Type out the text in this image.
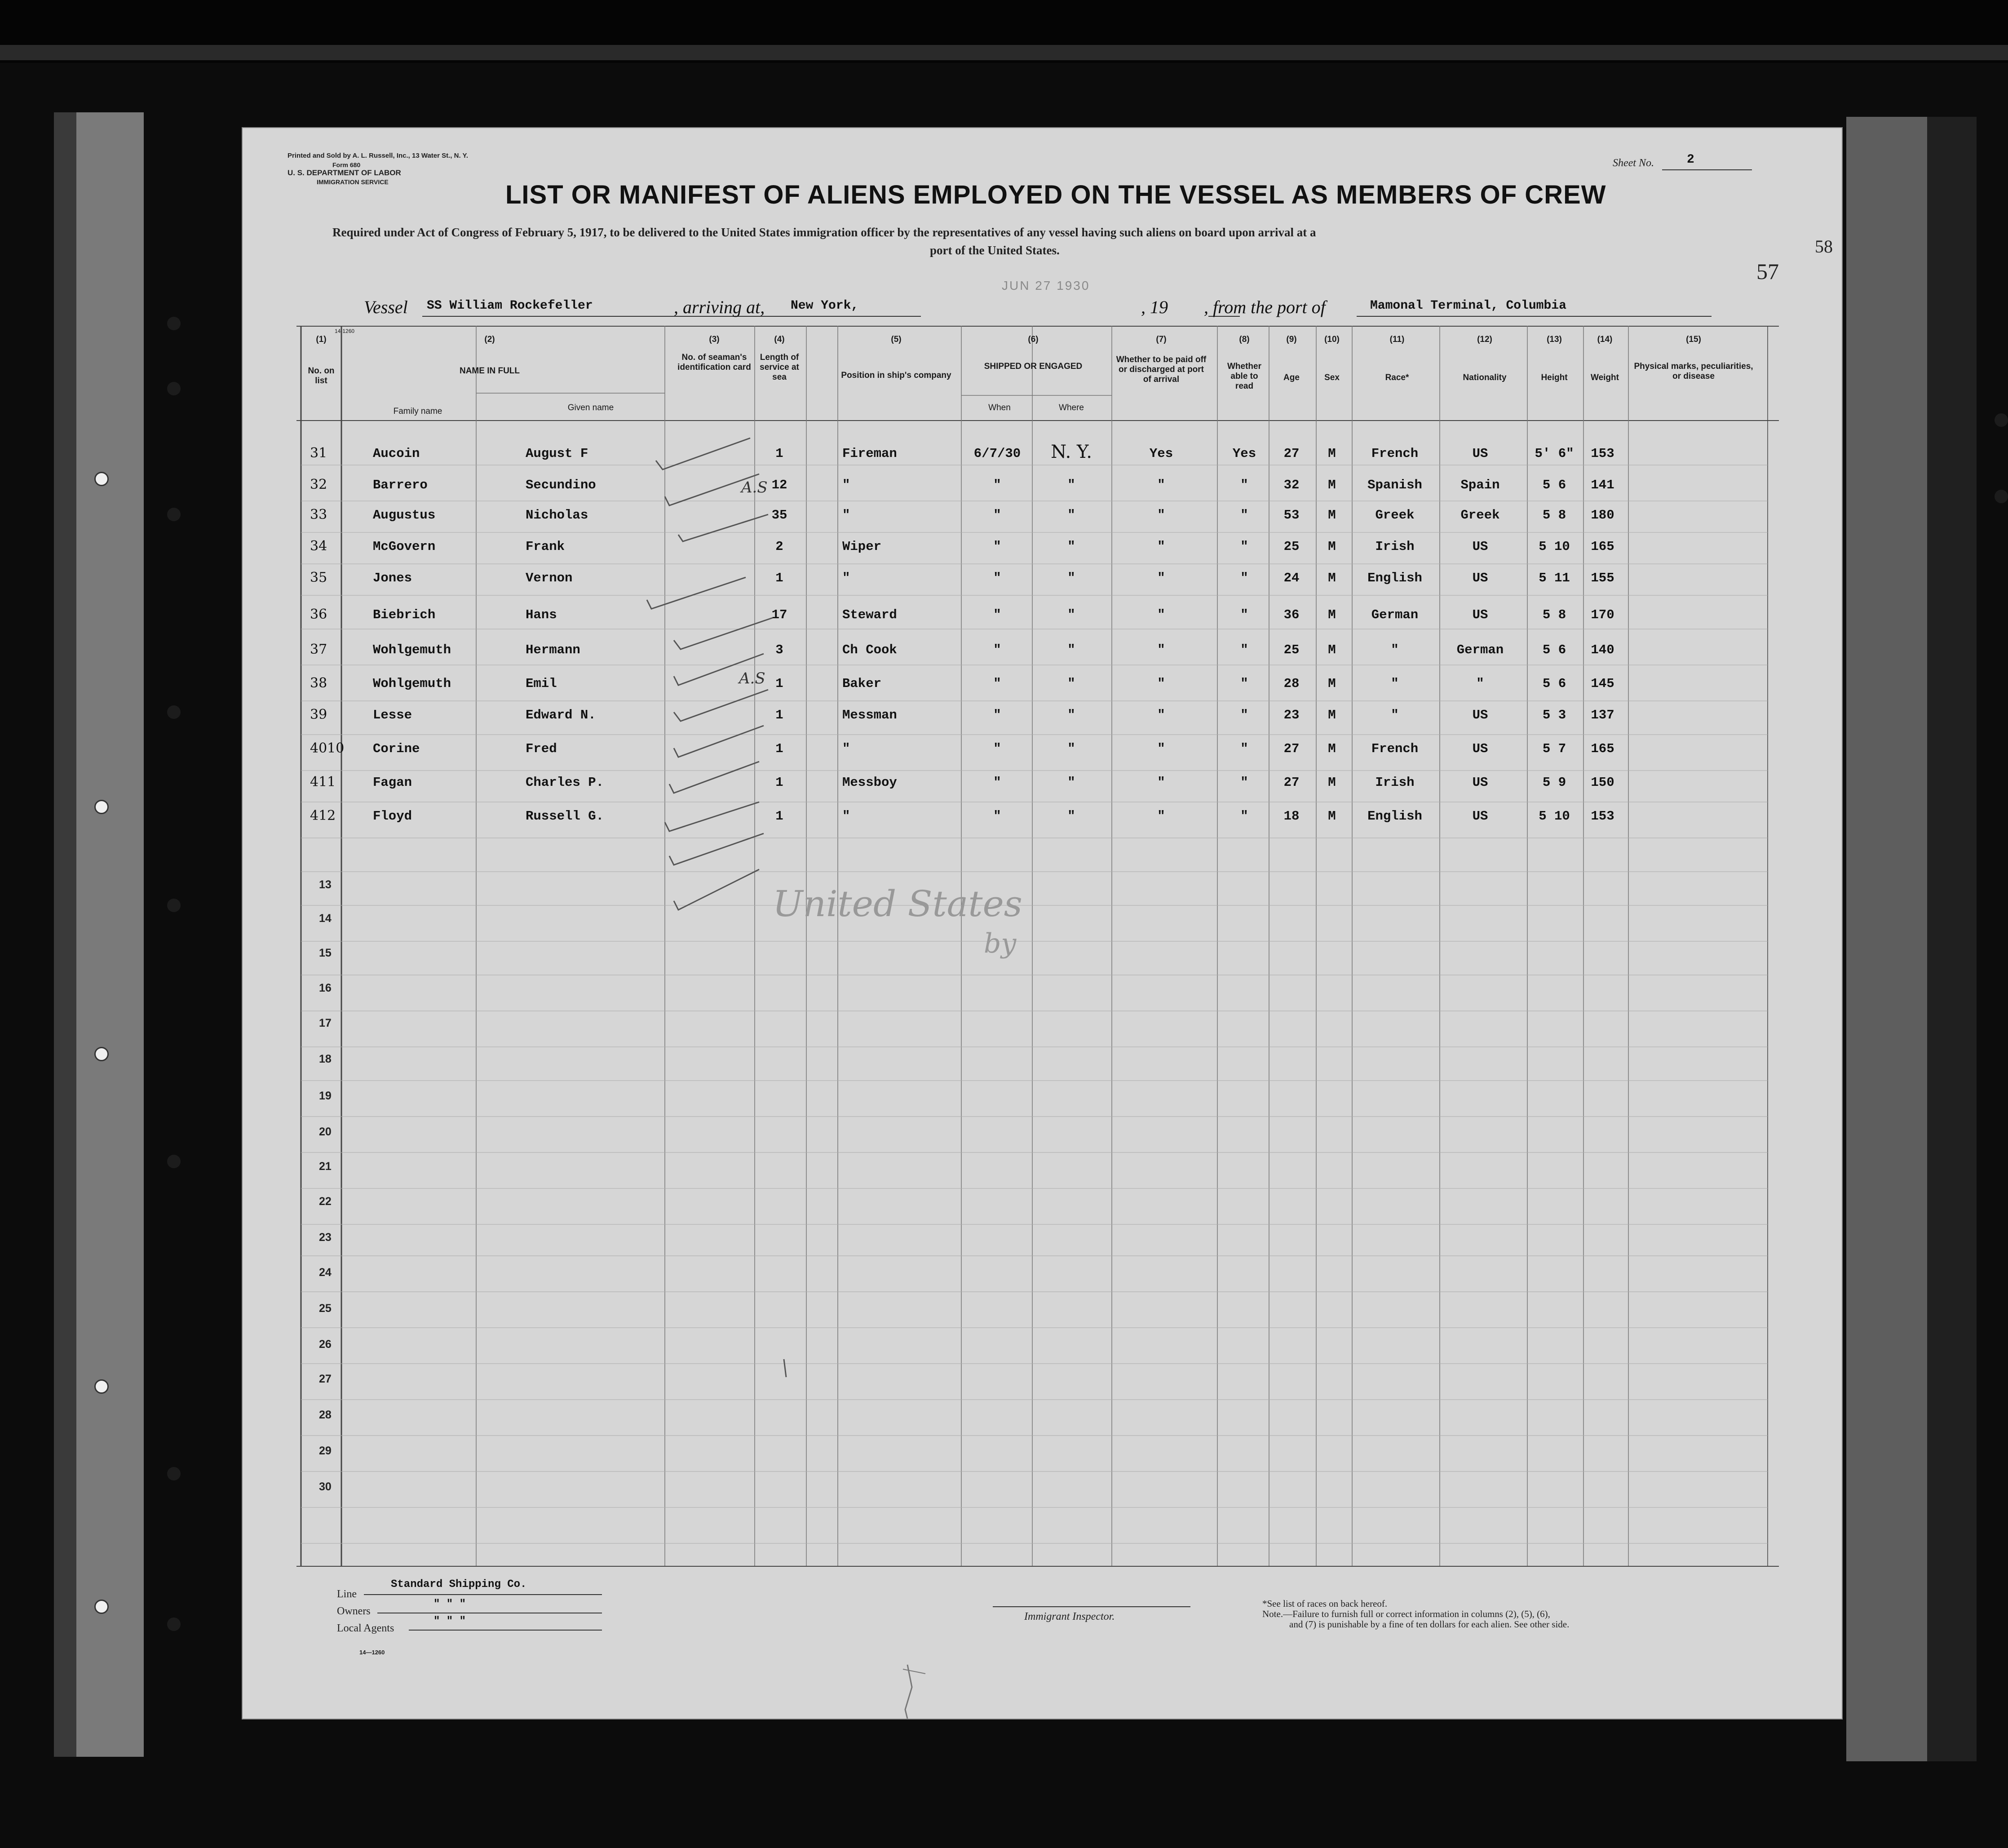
Printed and Sold by A. L. Russell, Inc., 13 Water St., N. Y.
Form 680
U. S. DEPARTMENT OF LABOR
IMMIGRATION SERVICE
Sheet No.	2
LIST OR MANIFEST OF ALIENS EMPLOYED ON THE VESSEL AS MEMBERS OF CREW
Required under Act of Congress of February 5, 1917, to be delivered to the United States immigration officer by the representatives of any vessel having such aliens on board upon arrival at a
port of the United States.
57
58
JUN 27 1930
Vessel SS William Rockefeller	, arriving at, New York,	, 19 , from the port of	Mamonal Terminal, Columbia
14-1260
(1)	(2)	(3)	(4)	(5)	(6)	(7)	(8)	(9)	(10)	(11)	(12)	(13)	(14)	(15)
No. on list
NAME IN FULL
Family name	Given name
No. of seaman's identification card
Length of service at sea	Position in ship's company
SHIPPED OR ENGAGED
When	Where
Whether to be paid off or discharged at port of arrival
Whether able to read
Age	Sex	Race*	Nationality	Height	Weight
Physical marks, peculiarities, or disease
31	Aucoin	August F	1	Fireman	6/7/30	N. Y.	Yes	Yes	27	M	French	US	5' 6"	153
32	Barrero	Secundino	12	"	"	"	"	"	32	M	Spanish	Spain	5 6	141
33	Augustus	Nicholas	35	"	"	"	"	"	53	M	Greek	Greek	5 8	180
34	McGovern	Frank	2	Wiper	"	"	"	"	25	M	Irish	US	5 10	165
35	Jones	Vernon	1	"	"	"	"	"	24	M	English	US	5 11	155
36	Biebrich	Hans	17	Steward	"	"	"	"	36	M	German	US	5 8	170
37	Wohlgemuth	Hermann	3	Ch Cook	"	"	"	"	25	M	"	German	5 6	140
38	Wohlgemuth	Emil	1	Baker	"	"	"	"	28	M	"	"	5 6	145
39	Lesse	Edward N.	1	Messman	"	"	"	"	23	M	"	US	5 3	137
4010 Corine	Fred	1	"	"	"	"	"	27	M	French	US	5 7	165
411	Fagan	Charles P.	1	Messboy	"	"	"	"	27	M	Irish	US	5 9	150
412	Floyd	Russell G.	1	"	"	"	"	"	18	M	English	US	5 10	153
13
14
15
16
17
18
19
20
21
22
23
24
25
26
27
28
29
30
A.S
A.S
United States
by
Line
Standard Shipping Co.
Owners
" " "
Local Agents
" " "
14—1260
Immigrant Inspector.
*See list of races on back hereof.
Note.—Failure to furnish full or correct information in columns (2), (5), (6),
and (7) is punishable by a fine of ten dollars for each alien. See other side.
